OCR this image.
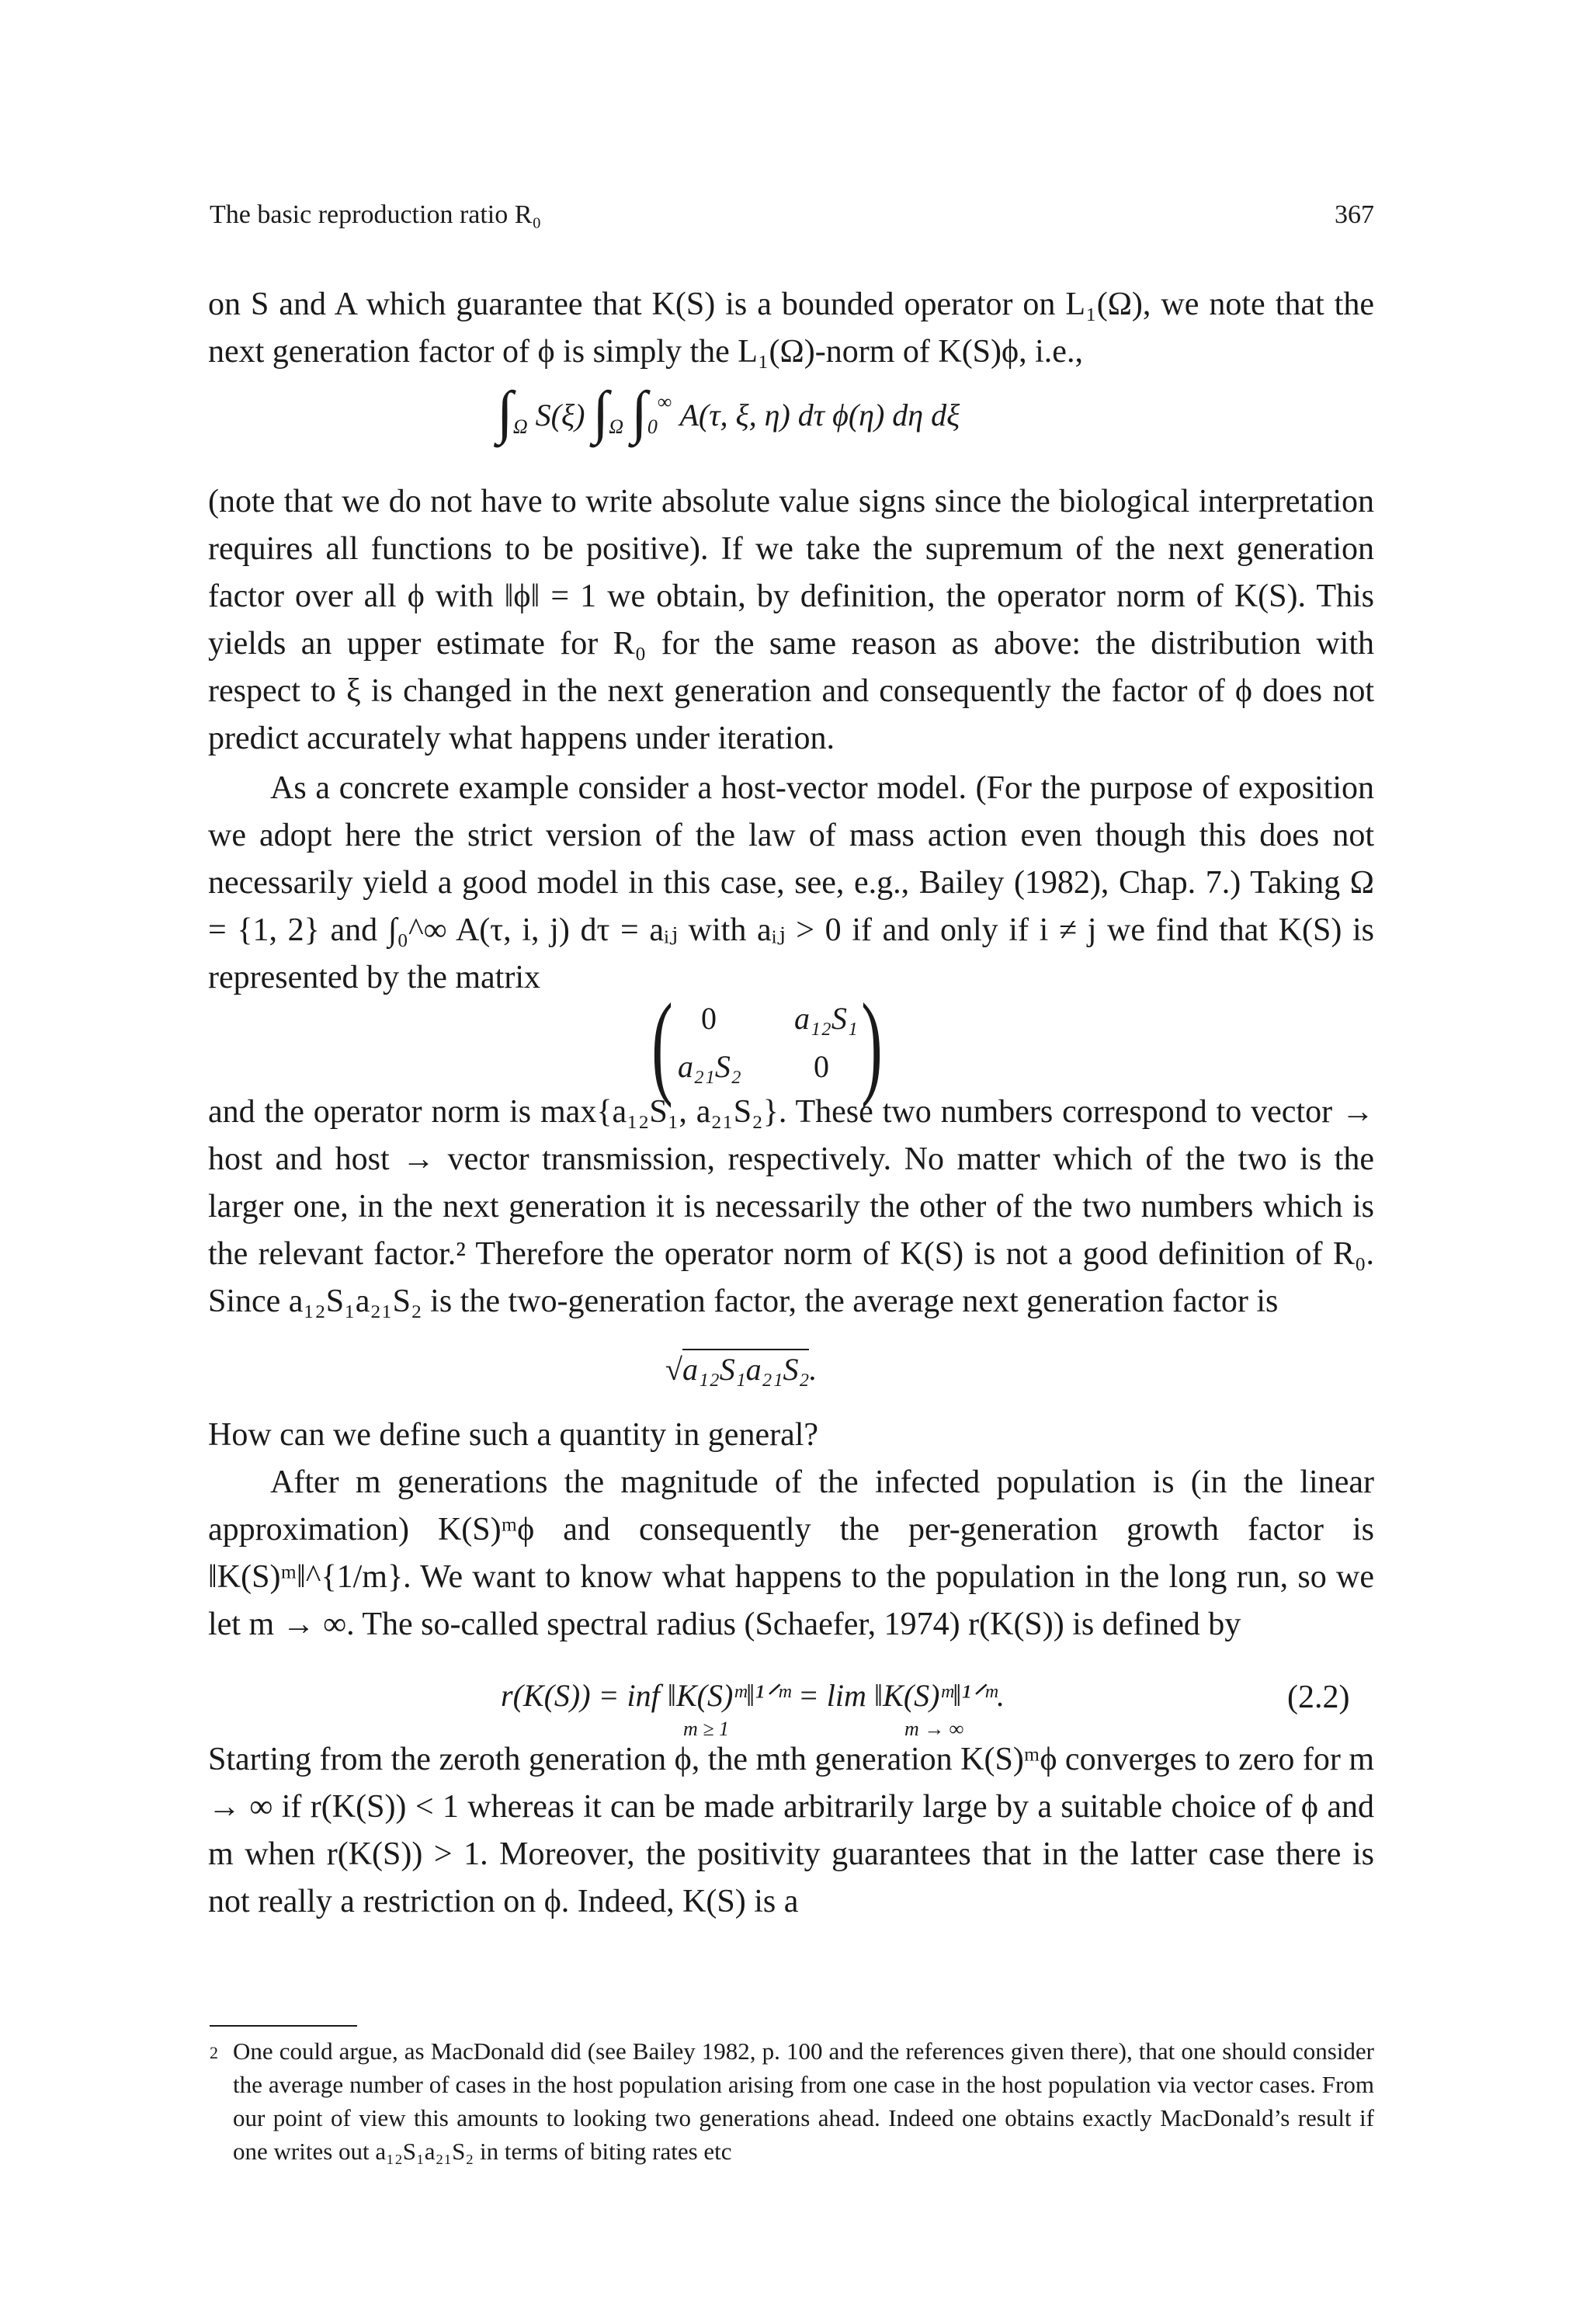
The basic reproduction ratio R₀	367
on S and A which guarantee that K(S) is a bounded operator on L₁(Ω), we note that the next generation factor of ϕ is simply the L₁(Ω)-norm of K(S)ϕ, i.e.,
$\int_\Omega$ S(ξ) $\int_\Omega$ $\int_0^\infty$ A(τ, ξ, η) dτ ϕ(η) dη dξ
(note that we do not have to write absolute value signs since the biological interpretation requires all functions to be positive). If we take the supremum of the next generation factor over all ϕ with ‖ϕ‖ = 1 we obtain, by definition, the operator norm of K(S). This yields an upper estimate for R₀ for the same reason as above: the distribution with respect to ξ is changed in the next generation and consequently the factor of ϕ does not predict accurately what happens under iteration.
As a concrete example consider a host-vector model. (For the purpose of exposition we adopt here the strict version of the law of mass action even though this does not necessarily yield a good model in this case, see, e.g., Bailey (1982), Chap. 7.) Taking Ω = {1, 2} and ∫₀^∞ A(τ, i, j) dτ = aᵢⱼ with aᵢⱼ > 0 if and only if i ≠ j we find that K(S) is represented by the matrix
( )
0	a₁₂S₁
a₂₁S₂ 0
and the operator norm is max{a₁₂S₁, a₂₁S₂}. These two numbers correspond to vector → host and host → vector transmission, respectively. No matter which of the two is the larger one, in the next generation it is necessarily the other of the two numbers which is the relevant factor.² Therefore the operator norm of K(S) is not a good definition of R₀. Since a₁₂S₁a₂₁S₂ is the two-generation factor, the average next generation factor is
√a₁₂S₁a₂₁S₂.
How can we define such a quantity in general?
After m generations the magnitude of the infected population is (in the linear approximation) K(S)ᵐϕ and consequently the per-generation growth factor is ‖K(S)ᵐ‖^{1/m}. We want to know what happens to the population in the long run, so we let m → ∞. The so-called spectral radius (Schaefer, 1974) r(K(S)) is defined by
r(K(S)) = inf ‖K(S)ᵐ‖¹ᐟᵐ = lim ‖K(S)ᵐ‖¹ᐟᵐ.
m ≥ 1	m → ∞
(2.2)
Starting from the zeroth generation ϕ, the mth generation K(S)ᵐϕ converges to zero for m → ∞ if r(K(S)) < 1 whereas it can be made arbitrarily large by a suitable choice of ϕ and m when r(K(S)) > 1. Moreover, the positivity guarantees that in the latter case there is not really a restriction on ϕ. Indeed, K(S) is a
2 One could argue, as MacDonald did (see Bailey 1982, p. 100 and the references given there), that one should consider the average number of cases in the host population arising from one case in the host population via vector cases. From our point of view this amounts to looking two generations ahead. Indeed one obtains exactly MacDonald’s result if one writes out a₁₂S₁a₂₁S₂ in terms of biting rates etc
